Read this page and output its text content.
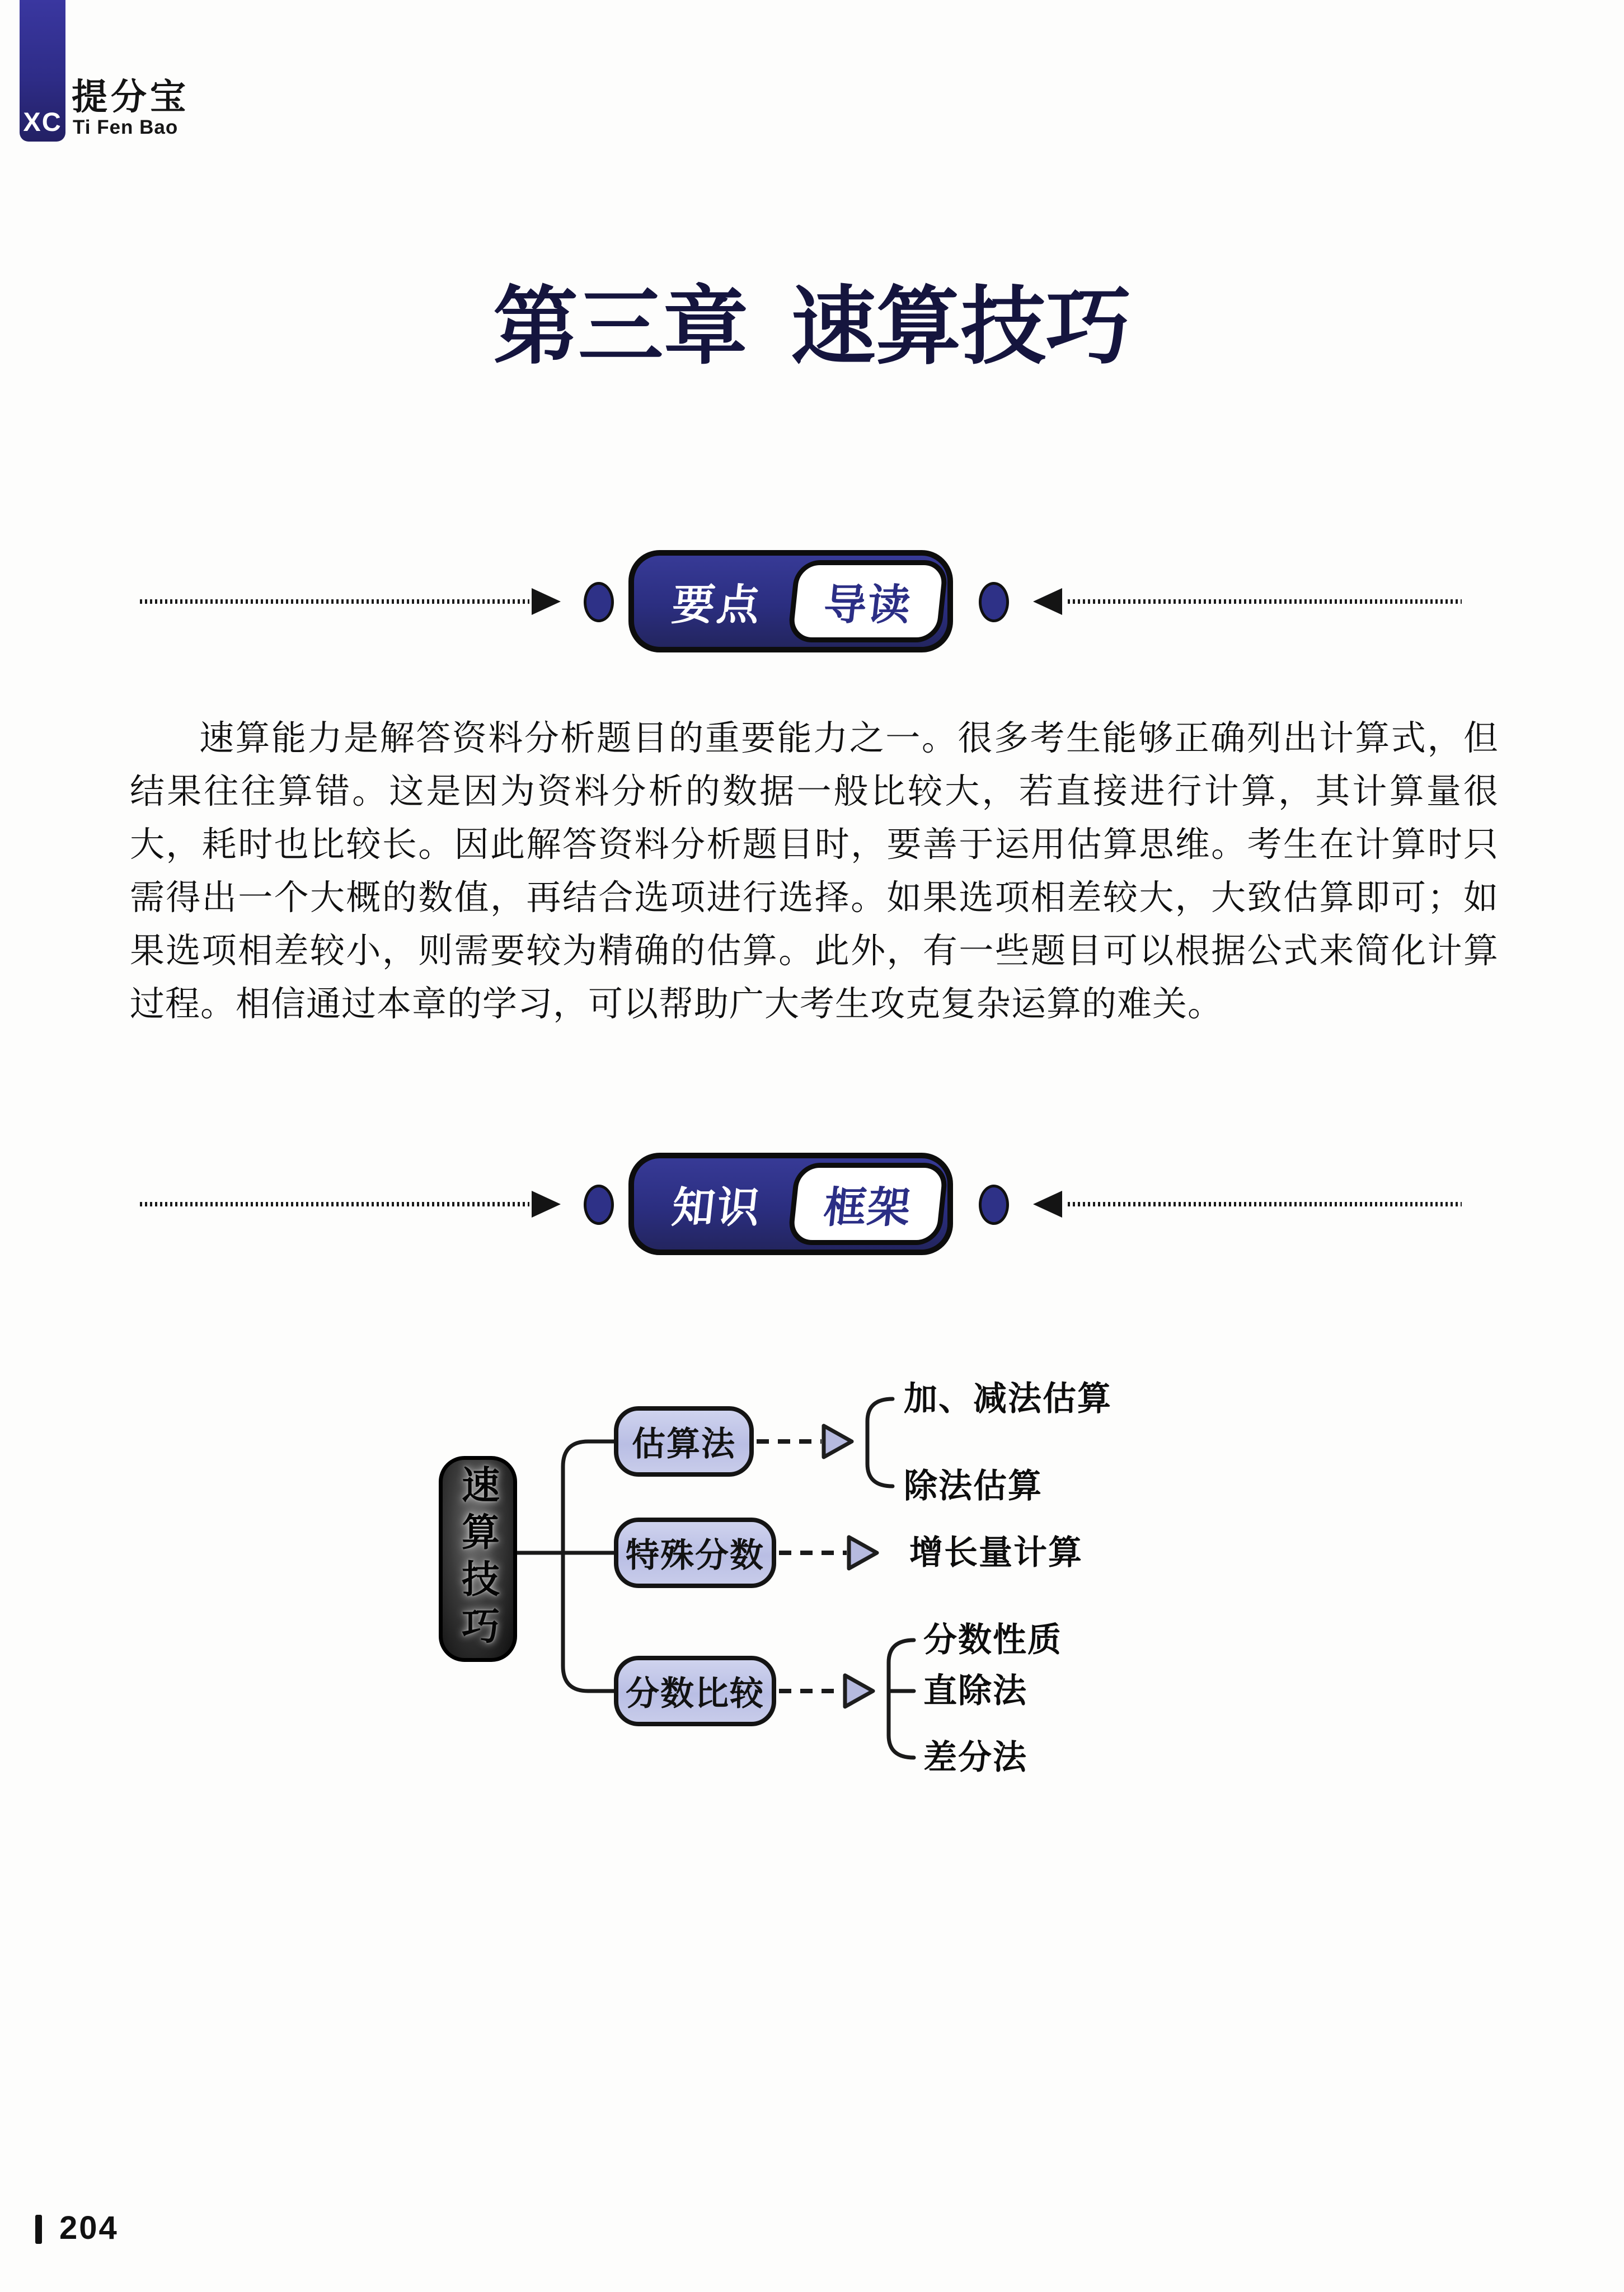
XC
提分宝
Ti Fen Bao
第三章 速算技巧
要点	导读

速算能力是解答资料分析题目的重要能力之一。很多考生能够正确列出计算式，但结果往往算错。这是因为资料分析的数据一般比较大，若直接进行计算，其计算量很大，耗时也比较长。因此解答资料分析题目时，要善于运用估算思维。考生在计算时只需得出一个大概的数值，再结合选项进行选择。如果选项相差较大，大致估算即可；如果选项相差较小，则需要较为精确的估算。此外，有一些题目可以根据公式来简化计算过程。相信通过本章的学习，可以帮助广大考生攻克复杂运算的难关。

知识	框架
速算技巧
估算法
特殊分数
分数比较
加、减法估算
除法估算
增长量计算
分数性质
直除法
差分法
204
